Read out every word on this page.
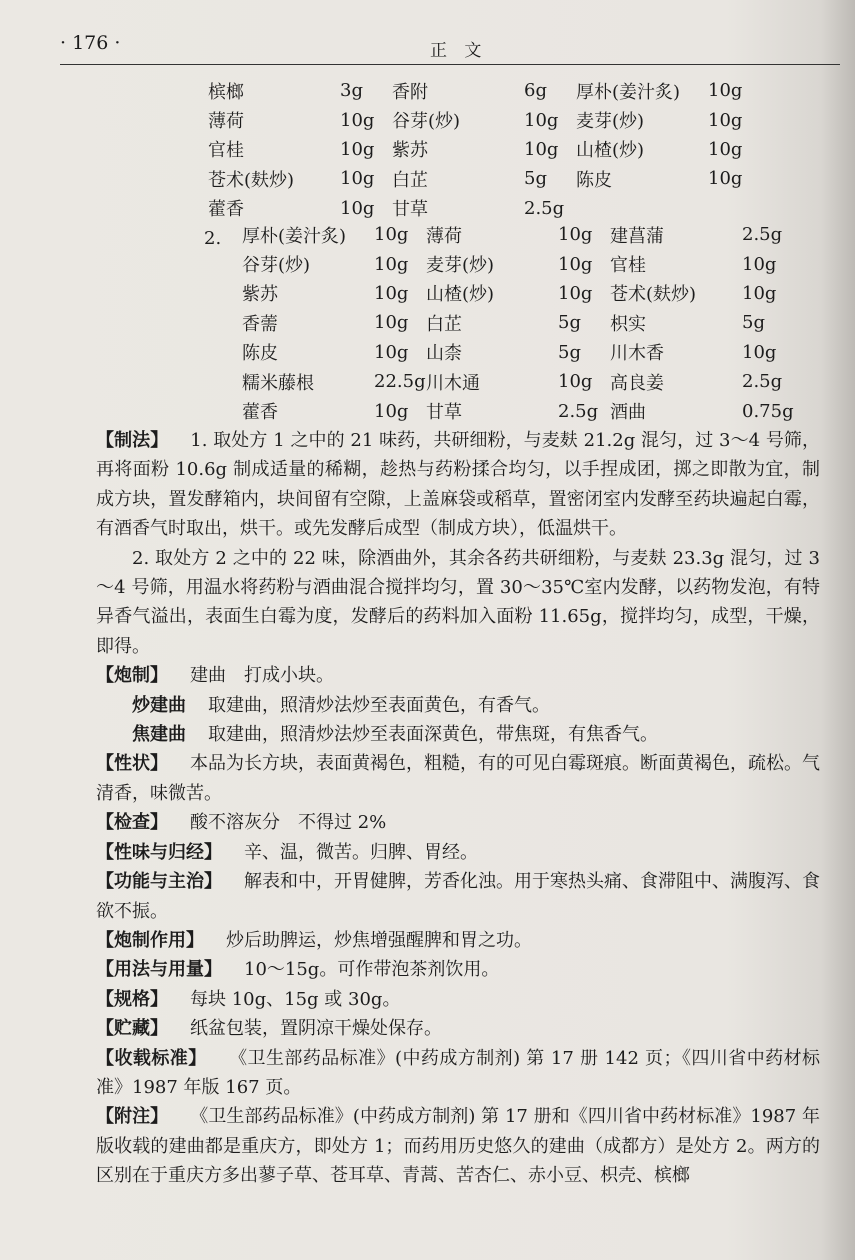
· 176 ·	正 文
槟榔	3g	香附	6g	厚朴(姜汁炙)	10g
薄荷	10g	谷芽(炒)	10g	麦芽(炒)	10g
官桂	10g	紫苏	10g	山楂(炒)	10g
苍术(麸炒)	10g	白芷	5g	陈皮	10g
藿香	10g	甘草	2.5g		
2. 厚朴(姜汁炙)	10g	薄荷	10g	建菖蒲	2.5g
谷芽(炒)	10g	麦芽(炒)	10g	官桂	10g
紫苏	10g	山楂(炒)	10g	苍术(麸炒)	10g
香薷	10g	白芷	5g	枳实	5g
陈皮	10g	山柰	5g	川木香	10g
糯米藤根	22.5g	川木通	10g	高良姜	2.5g
藿香	10g	甘草	2.5g	酒曲	0.75g

【制法】 1. 取处方 1 之中的 21 味药，共研细粉，与麦麸 21.2g 混匀，过 3～4 号筛，再将面粉 10.6g 制成适量的稀糊，趁热与药粉揉合均匀，以手捏成团，掷之即散为宜，制成方块，置发酵箱内，块间留有空隙，上盖麻袋或稻草，置密闭室内发酵至药块遍起白霉，有酒香气时取出，烘干。或先发酵后成型（制成方块），低温烘干。

2. 取处方 2 之中的 22 味，除酒曲外，其余各药共研细粉，与麦麸 23.3g 混匀，过 3～4 号筛，用温水将药粉与酒曲混合搅拌均匀，置 30～35℃室内发酵，以药物发泡，有特异香气溢出，表面生白霉为度，发酵后的药料加入面粉 11.65g，搅拌均匀，成型，干燥，即得。

【炮制】 建曲　打成小块。

炒建曲 取建曲，照清炒法炒至表面黄色，有香气。

焦建曲 取建曲，照清炒法炒至表面深黄色，带焦斑，有焦香气。

【性状】 本品为长方块，表面黄褐色，粗糙，有的可见白霉斑痕。断面黄褐色，疏松。气清香，味微苦。

【检查】 酸不溶灰分　不得过 2%

【性味与归经】 辛、温，微苦。归脾、胃经。

【功能与主治】 解表和中，开胃健脾，芳香化浊。用于寒热头痛、食滞阻中、满腹泻、食欲不振。

【炮制作用】 炒后助脾运，炒焦增强醒脾和胃之功。

【用法与用量】 10～15g。可作带泡茶剂饮用。

【规格】 每块 10g、15g 或 30g。

【贮藏】 纸盆包装，置阴凉干燥处保存。

【收载标准】 《卫生部药品标准》(中药成方制剂) 第 17 册 142 页；《四川省中药材标准》1987 年版 167 页。

【附注】 《卫生部药品标准》(中药成方制剂) 第 17 册和《四川省中药材标准》1987 年版收载的建曲都是重庆方，即处方 1；而药用历史悠久的建曲（成都方）是处方 2。两方的区别在于重庆方多出蓼子草、苍耳草、青蒿、苦杏仁、赤小豆、枳壳、槟榔
